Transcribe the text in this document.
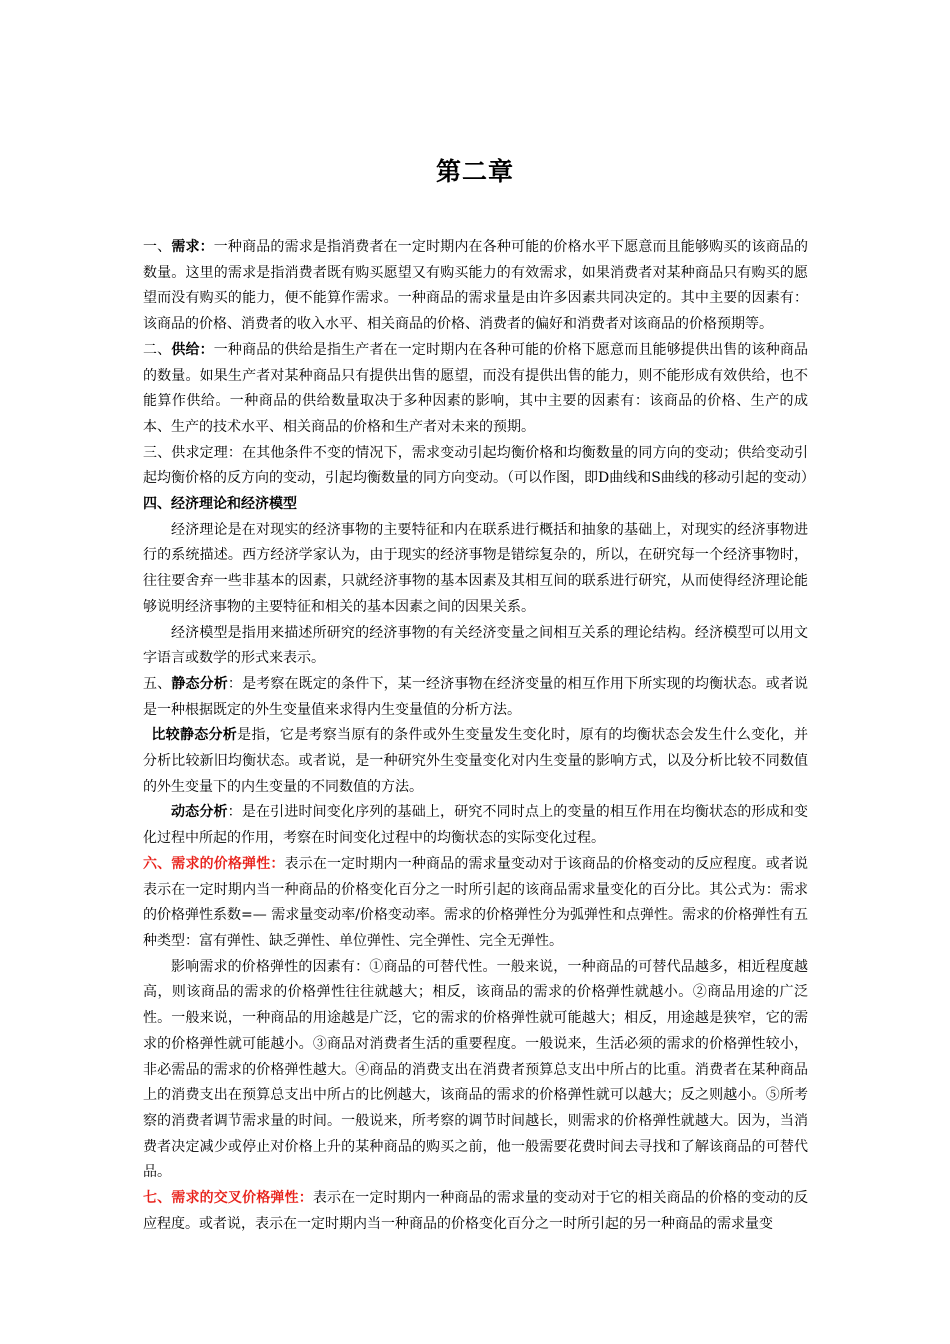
第二章

一、需求：一种商品的需求是指消费者在一定时期内在各种可能的价格水平下愿意而且能够购买的该商品的数量。这里的需求是指消费者既有购买愿望又有购买能力的有效需求，如果消费者对某种商品只有购买的愿望而没有购买的能力，便不能算作需求。一种商品的需求量是由许多因素共同决定的。其中主要的因素有：该商品的价格、消费者的收入水平、相关商品的价格、消费者的偏好和消费者对该商品的价格预期等。

二、供给：一种商品的供给是指生产者在一定时期内在各种可能的价格下愿意而且能够提供出售的该种商品的数量。如果生产者对某种商品只有提供出售的愿望，而没有提供出售的能力，则不能形成有效供给，也不能算作供给。一种商品的供给数量取决于多种因素的影响，其中主要的因素有：该商品的价格、生产的成本、生产的技术水平、相关商品的价格和生产者对未来的预期。

三、供求定理：在其他条件不变的情况下，需求变动引起均衡价格和均衡数量的同方向的变动；供给变动引起均衡价格的反方向的变动，引起均衡数量的同方向变动。（可以作图，即D曲线和S曲线的移动引起的变动）

四、经济理论和经济模型

经济理论是在对现实的经济事物的主要特征和内在联系进行概括和抽象的基础上，对现实的经济事物进行的系统描述。西方经济学家认为，由于现实的经济事物是错综复杂的，所以，在研究每一个经济事物时，往往要舍弃一些非基本的因素，只就经济事物的基本因素及其相互间的联系进行研究，从而使得经济理论能够说明经济事物的主要特征和相关的基本因素之间的因果关系。

经济模型是指用来描述所研究的经济事物的有关经济变量之间相互关系的理论结构。经济模型可以用文字语言或数学的形式来表示。

五、静态分析：是考察在既定的条件下，某一经济事物在经济变量的相互作用下所实现的均衡状态。或者说是一种根据既定的外生变量值来求得内生变量值的分析方法。

比较静态分析是指，它是考察当原有的条件或外生变量发生变化时，原有的均衡状态会发生什么变化，并分析比较新旧均衡状态。或者说，是一种研究外生变量变化对内生变量的影响方式，以及分析比较不同数值的外生变量下的内生变量的不同数值的方法。

动态分析：是在引进时间变化序列的基础上，研究不同时点上的变量的相互作用在均衡状态的形成和变化过程中所起的作用，考察在时间变化过程中的均衡状态的实际变化过程。

六、需求的价格弹性：表示在一定时期内一种商品的需求量变动对于该商品的价格变动的反应程度。或者说表示在一定时期内当一种商品的价格变化百分之一时所引起的该商品需求量变化的百分比。其公式为：需求的价格弹性系数=— 需求量变动率/价格变动率。需求的价格弹性分为弧弹性和点弹性。需求的价格弹性有五种类型：富有弹性、缺乏弹性、单位弹性、完全弹性、完全无弹性。

影响需求的价格弹性的因素有：①商品的可替代性。一般来说，一种商品的可替代品越多，相近程度越高，则该商品的需求的价格弹性往往就越大；相反，该商品的需求的价格弹性就越小。②商品用途的广泛性。一般来说，一种商品的用途越是广泛，它的需求的价格弹性就可能越大；相反，用途越是狭窄，它的需求的价格弹性就可能越小。③商品对消费者生活的重要程度。一般说来，生活必须的需求的价格弹性较小，非必需品的需求的价格弹性越大。④商品的消费支出在消费者预算总支出中所占的比重。消费者在某种商品上的消费支出在预算总支出中所占的比例越大，该商品的需求的价格弹性就可以越大；反之则越小。⑤所考察的消费者调节需求量的时间。一般说来，所考察的调节时间越长，则需求的价格弹性就越大。因为，当消费者决定减少或停止对价格上升的某种商品的购买之前，他一般需要花费时间去寻找和了解该商品的可替代品。

七、需求的交叉价格弹性：表示在一定时期内一种商品的需求量的变动对于它的相关商品的价格的变动的反应程度。或者说，表示在一定时期内当一种商品的价格变化百分之一时所引起的另一种商品的需求量变
